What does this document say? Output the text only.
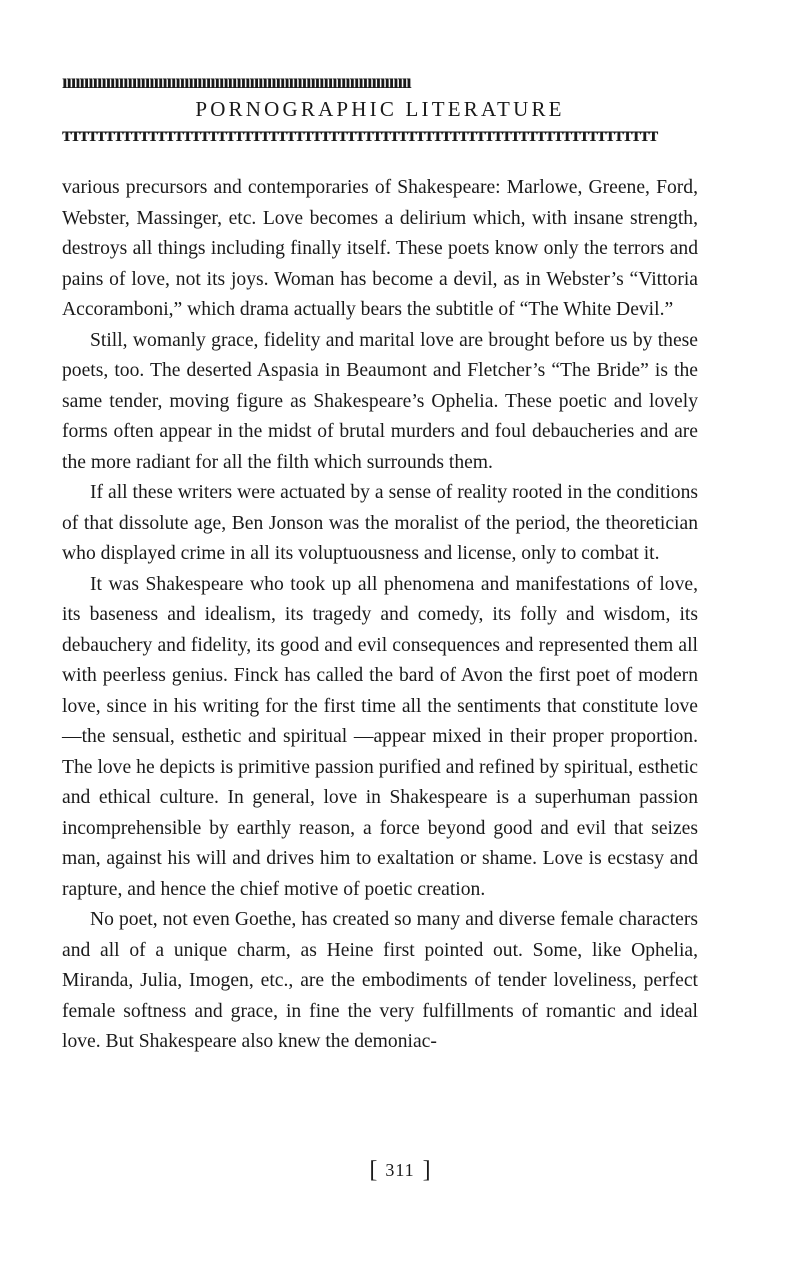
ıııııııııııııııııııııııııııııııııııııııııııııııııııııııııııııııııııııııııııııııı
PORNOGRAPHIC LITERATURE
ᴛᴛᴛᴛᴛᴛᴛᴛᴛᴛᴛᴛᴛᴛᴛᴛᴛᴛᴛᴛᴛᴛᴛᴛᴛᴛᴛᴛᴛᴛᴛᴛᴛᴛᴛᴛᴛᴛᴛᴛᴛᴛᴛᴛᴛᴛᴛᴛᴛᴛᴛᴛᴛᴛᴛᴛᴛᴛᴛᴛᴛᴛᴛᴛᴛᴛᴛᴛᴛ

various precursors and contemporaries of Shakespeare: Marlowe, Greene, Ford, Webster, Massinger, etc. Love becomes a delirium which, with insane strength, destroys all things including finally itself. These poets know only the terrors and pains of love, not its joys. Woman has become a devil, as in Webster’s “Vittoria Accoramboni,” which drama actually bears the subtitle of “The White Devil.”

Still, womanly grace, fidelity and marital love are brought before us by these poets, too. The deserted Aspasia in Beaumont and Fletcher’s “The Bride” is the same tender, moving figure as Shakespeare’s Ophelia. These poetic and lovely forms often appear in the midst of brutal murders and foul debaucheries and are the more radiant for all the filth which surrounds them.

If all these writers were actuated by a sense of reality rooted in the conditions of that dissolute age, Ben Jonson was the moralist of the period, the theoretician who displayed crime in all its voluptuousness and license, only to combat it.

It was Shakespeare who took up all phenomena and manifestations of love, its baseness and idealism, its tragedy and comedy, its folly and wisdom, its debauchery and fidelity, its good and evil consequences and represented them all with peerless genius. Finck has called the bard of Avon the first poet of modern love, since in his writing for the first time all the sentiments that constitute love—the sensual, esthetic and spiritual —appear mixed in their proper proportion. The love he depicts is primitive passion purified and refined by spiritual, esthetic and ethical culture. In general, love in Shakespeare is a superhuman passion incomprehensible by earthly reason, a force beyond good and evil that seizes man, against his will and drives him to exaltation or shame. Love is ecstasy and rapture, and hence the chief motive of poetic creation.

No poet, not even Goethe, has created so many and diverse female characters and all of a unique charm, as Heine first pointed out. Some, like Ophelia, Miranda, Julia, Imogen, etc., are the embodiments of tender loveliness, perfect female softness and grace, in fine the very fulfillments of romantic and ideal love. But Shakespeare also knew the demoniac-

[ 311 ]
